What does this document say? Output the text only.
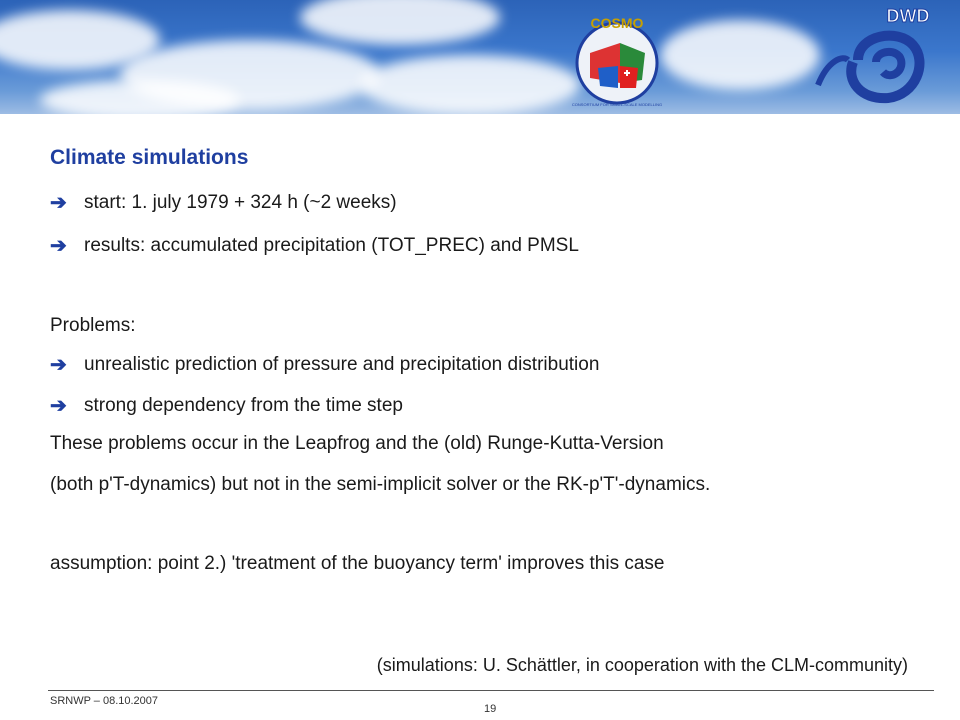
COSMO
CONSORTIUM FOR SMALL-SCALE MODELLING
DWD
Climate simulations
➔ start: 1. july 1979 + 324 h (~2 weeks)
➔ results: accumulated precipitation (TOT_PREC) and PMSL
Problems:
➔ unrealistic prediction of pressure and precipitation distribution
➔ strong dependency from the time step
These problems occur in the Leapfrog and the (old) Runge-Kutta-Version
(both p'T-dynamics) but not in the semi-implicit solver or the RK-p'T'-dynamics.
assumption: point 2.) 'treatment of the buoyancy term' improves this case
(simulations: U. Schättler, in cooperation with the CLM-community)
SRNWP – 08.10.2007
19
